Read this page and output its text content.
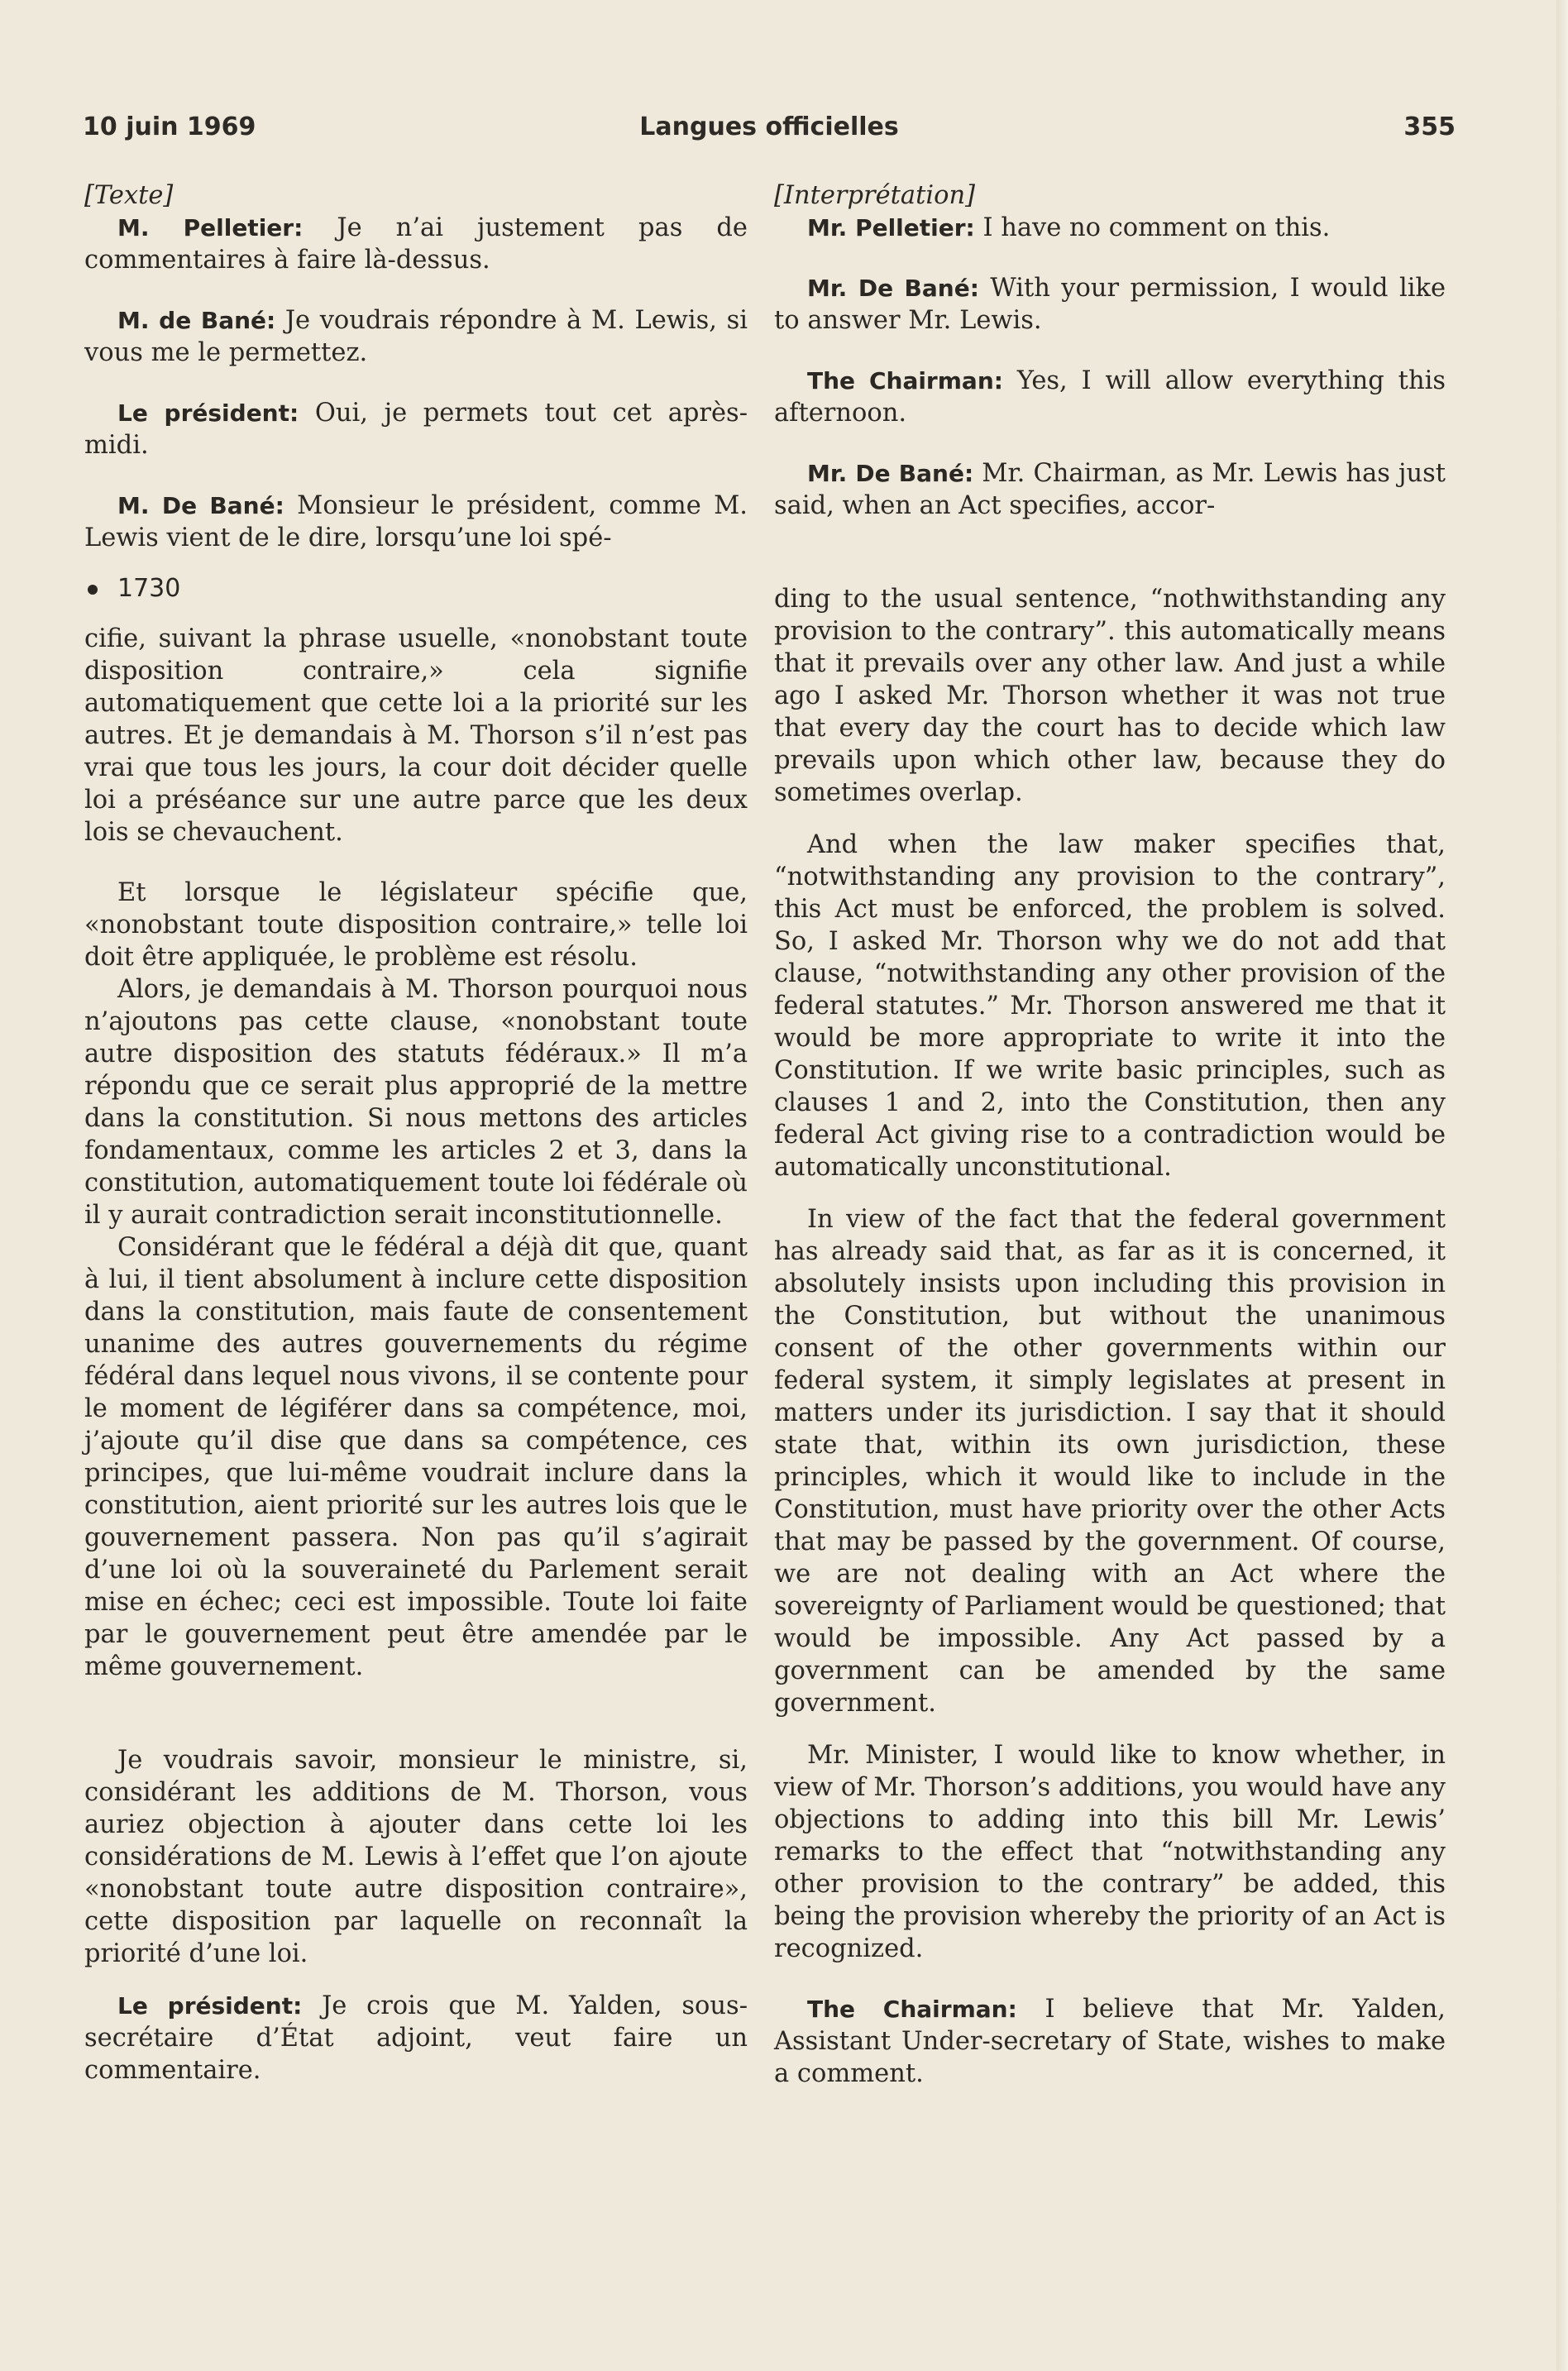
10 juin 1969	Langues officielles	355

[Texte]

M. Pelletier: Je n’ai justement pas de commentaires à faire là-dessus.

M. de Bané: Je voudrais répondre à M. Lewis, si vous me le permettez.

Le président: Oui, je permets tout cet après-midi.

M. De Bané: Monsieur le président, comme M. Lewis vient de le dire, lorsqu’une loi spé-

1730

cifie, suivant la phrase usuelle, «nonobstant toute disposition contraire,» cela signifie automatiquement que cette loi a la priorité sur les autres. Et je demandais à M. Thorson s’il n’est pas vrai que tous les jours, la cour doit décider quelle loi a préséance sur une autre parce que les deux lois se chevauchent.

Et lorsque le législateur spécifie que, «nonobstant toute disposition contraire,» telle loi doit être appliquée, le problème est résolu.

Alors, je demandais à M. Thorson pourquoi nous n’ajoutons pas cette clause, «nonobstant toute autre disposition des statuts fédéraux.» Il m’a répondu que ce serait plus approprié de la mettre dans la constitution. Si nous mettons des articles fondamentaux, comme les articles 2 et 3, dans la constitution, automatiquement toute loi fédérale où il y aurait contradiction serait inconstitutionnelle.

Considérant que le fédéral a déjà dit que, quant à lui, il tient absolument à inclure cette disposition dans la constitution, mais faute de consentement unanime des autres gouvernements du régime fédéral dans lequel nous vivons, il se contente pour le moment de légiférer dans sa compétence, moi, j’ajoute qu’il dise que dans sa compétence, ces principes, que lui-même voudrait inclure dans la constitution, aient priorité sur les autres lois que le gouvernement passera. Non pas qu’il s’agirait d’une loi où la souveraineté du Parlement serait mise en échec; ceci est impossible. Toute loi faite par le gouvernement peut être amendée par le même gouvernement.

Je voudrais savoir, monsieur le ministre, si, considérant les additions de M. Thorson, vous auriez objection à ajouter dans cette loi les considérations de M. Lewis à l’effet que l’on ajoute «nonobstant toute autre disposition contraire», cette disposition par laquelle on reconnaît la priorité d’une loi.

Le président: Je crois que M. Yalden, sous-secrétaire d’État adjoint, veut faire un commentaire.

[Interprétation]

Mr. Pelletier: I have no comment on this.

Mr. De Bané: With your permission, I would like to answer Mr. Lewis.

The Chairman: Yes, I will allow everything this afternoon.

Mr. De Bané: Mr. Chairman, as Mr. Lewis has just said, when an Act specifies, accor-

ding to the usual sentence, “nothwithstanding any provision to the contrary”. this automatically means that it prevails over any other law. And just a while ago I asked Mr. Thorson whether it was not true that every day the court has to decide which law prevails upon which other law, because they do sometimes overlap.

And when the law maker specifies that, “notwithstanding any provision to the contrary”, this Act must be enforced, the problem is solved. So, I asked Mr. Thorson why we do not add that clause, “notwithstanding any other provision of the federal statutes.” Mr. Thorson answered me that it would be more appropriate to write it into the Constitution. If we write basic principles, such as clauses 1 and 2, into the Constitution, then any federal Act giving rise to a contradiction would be automatically unconstitutional.

In view of the fact that the federal government has already said that, as far as it is concerned, it absolutely insists upon including this provision in the Constitution, but without the unanimous consent of the other governments within our federal system, it simply legislates at present in matters under its jurisdiction. I say that it should state that, within its own jurisdiction, these principles, which it would like to include in the Constitution, must have priority over the other Acts that may be passed by the government. Of course, we are not dealing with an Act where the sovereignty of Parliament would be questioned; that would be impossible. Any Act passed by a government can be amended by the same government.

Mr. Minister, I would like to know whether, in view of Mr. Thorson’s additions, you would have any objections to adding into this bill Mr. Lewis’ remarks to the effect that “notwithstanding any other provision to the contrary” be added, this being the provision whereby the priority of an Act is recognized.

The Chairman: I believe that Mr. Yalden, Assistant Under-secretary of State, wishes to make a comment.
